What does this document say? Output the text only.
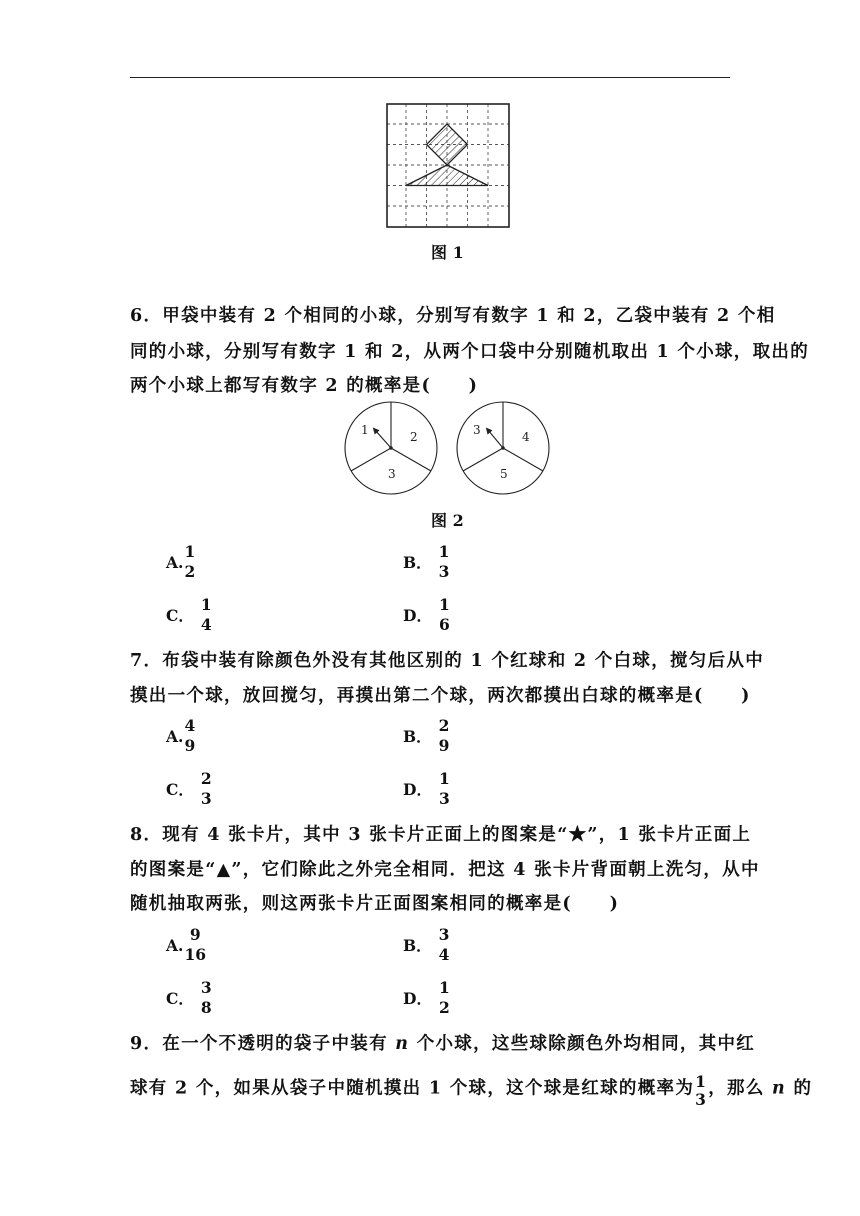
图 1
6．甲袋中装有 2 个相同的小球，分别写有数字 1 和 2，乙袋中装有 2 个相
同的小球，分别写有数字 1 和 2，从两个口袋中分别随机取出 1 个小球，取出的
两个小球上都写有数字 2 的概率是(　　)
1	2
3
3	4
5
图 2
A.
1
2	B．
1
3
C．
1
4	D．
1
6
7．布袋中装有除颜色外没有其他区别的 1 个红球和 2 个白球，搅匀后从中
摸出一个球，放回搅匀，再摸出第二个球，两次都摸出白球的概率是(　　)
A.
4
9	B．
2
9
C．
2
3	D．
1
3
8．现有 4 张卡片，其中 3 张卡片正面上的图案是“★”，1 张卡片正面上
的图案是“▲”，它们除此之外完全相同．把这 4 张卡片背面朝上洗匀，从中
随机抽取两张，则这两张卡片正面图案相同的概率是(　　)
A.
9
16	B．
3
4
C．
3
8	D．
1
2
9．在一个不透明的袋子中装有 n 个小球，这些球除颜色外均相同，其中红
球有 2 个，如果从袋子中随机摸出 1 个球，这个球是红球的概率为 1
3
，那么 n 的
